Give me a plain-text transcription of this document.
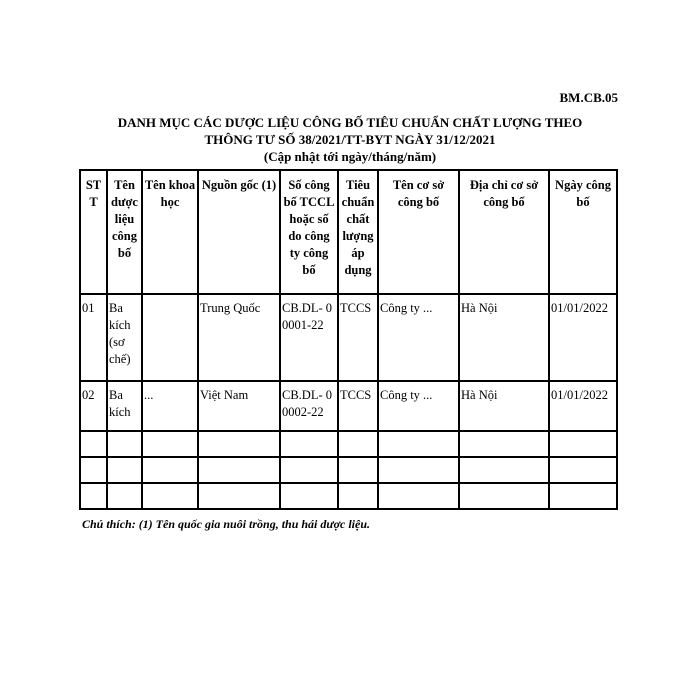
BM.CB.05
DANH MỤC CÁC DƯỢC LIỆU CÔNG BỐ TIÊU CHUẨN CHẤT LƯỢNG THEO
THÔNG TƯ SỐ 38/2021/TT-BYT NGÀY 31/12/2021
(Cập nhật tới ngày/tháng/năm)
STT	Tên dược liệu công bố	Tên khoa học	Nguồn gốc (1)	Số công bố TCCL hoặc số do công ty công bố	Tiêu chuẩn chất lượng áp dụng	Tên cơ sở công bố	Địa chỉ cơ sở công bố	Ngày công bố
01	Ba kích (sơ chế)		Trung Quốc	CB.DL- 0 0001-22	TCCS	Công ty ...	Hà Nội	01/01/2022
02	Ba kích	...	Việt Nam	CB.DL- 0 0002-22	TCCS	Công ty ...	Hà Nội	01/01/2022

Chú thích: (1) Tên quốc gia nuôi trồng, thu hái dược liệu.
